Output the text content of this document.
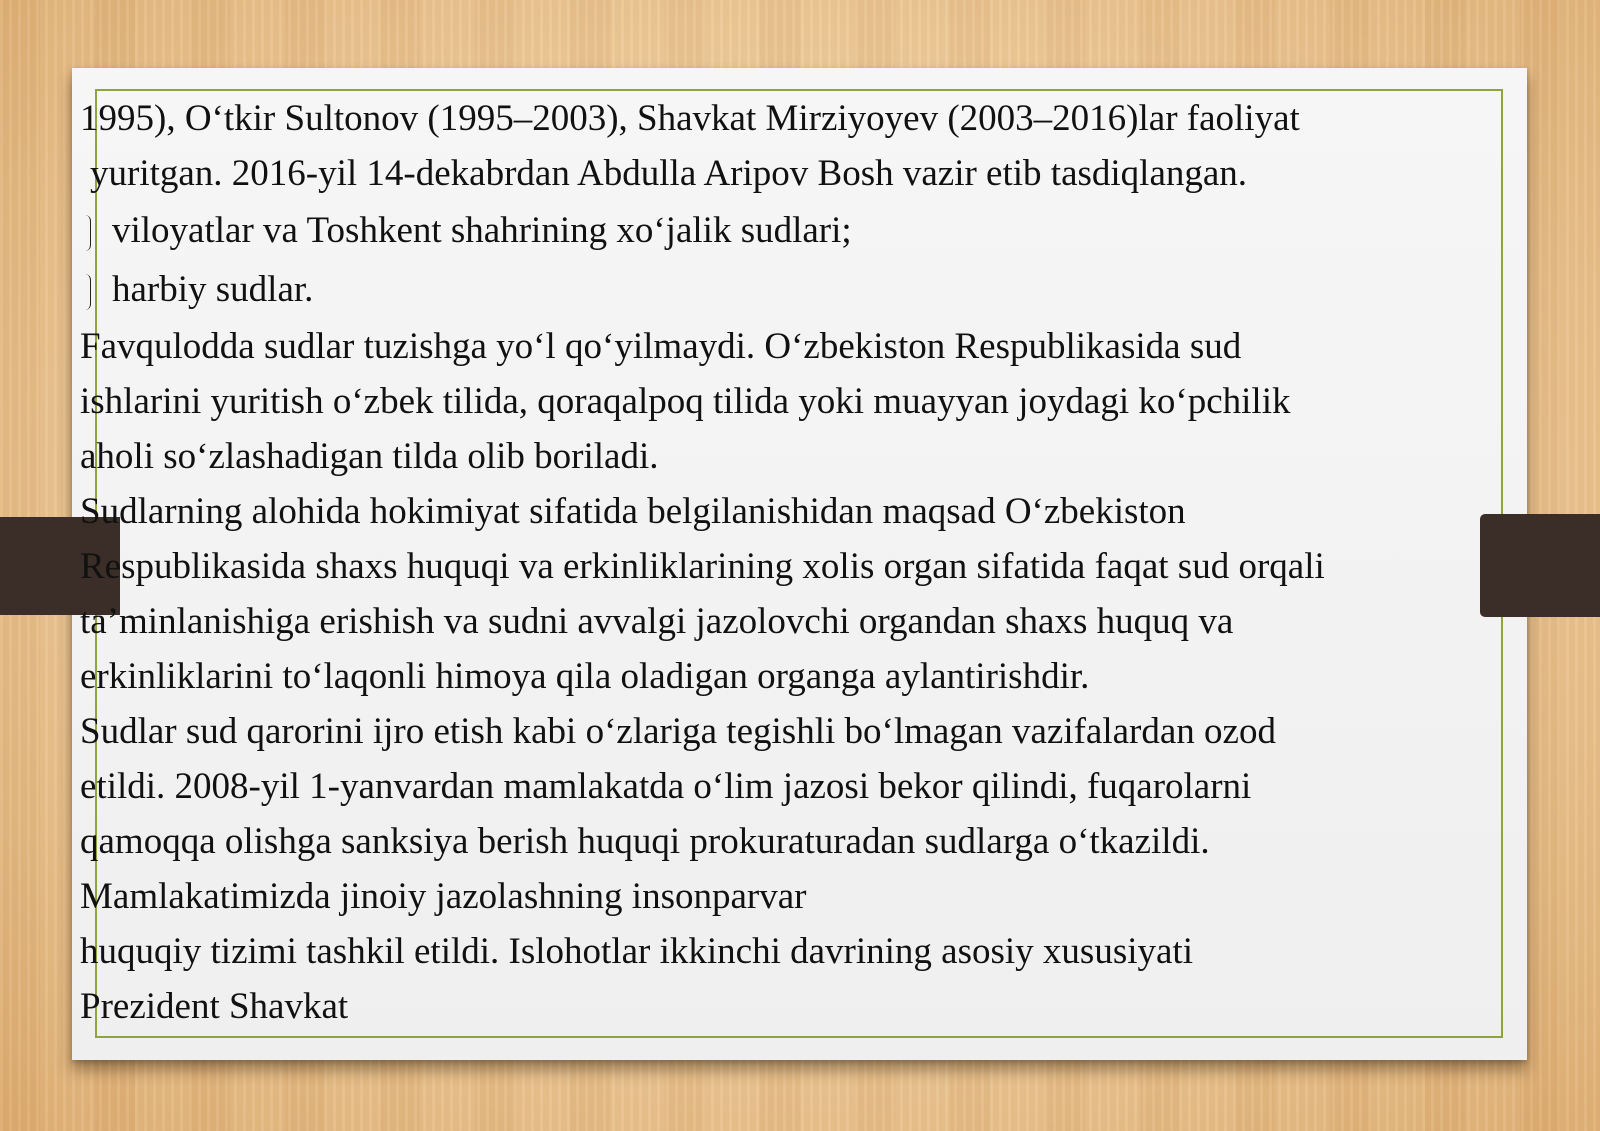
1995), O‘tkir Sultonov (1995–2003), Shavkat Mirziyoyev (2003–2016)lar faoliyat
yuritgan. 2016-yil 14-dekabrdan Abdulla Aripov Bosh vazir etib tasdiqlangan.
viloyatlar va Toshkent shahrining xo‘jalik sudlari;
harbiy sudlar.
Favqulodda sudlar tuzishga yo‘l qo‘yilmaydi. O‘zbekiston Respublikasida sud
ishlarini yuritish o‘zbek tilida, qoraqalpoq tilida yoki muayyan joydagi ko‘pchilik
aholi so‘zlashadigan tilda olib boriladi.
Sudlarning alohida hokimiyat sifatida belgilanishidan maqsad O‘zbekiston
Respublikasida shaxs huquqi va erkinliklarining xolis organ sifatida faqat sud orqali
ta’minlanishiga erishish va sudni avvalgi jazolovchi organdan shaxs huquq va
erkinliklarini to‘laqonli himoya qila oladigan organga aylantirishdir.
Sudlar sud qarorini ijro etish kabi o‘zlariga tegishli bo‘lmagan vazifalardan ozod
etildi. 2008-yil 1-yanvardan mamlakatda o‘lim jazosi bekor qilindi, fuqarolarni
qamoqqa olishga sanksiya berish huquqi prokuraturadan sudlarga o‘tkazildi.
Mamlakatimizda jinoiy jazolashning insonparvar
huquqiy tizimi tashkil etildi. Islohotlar ikkinchi davrining asosiy xususiyati
Prezident Shavkat
